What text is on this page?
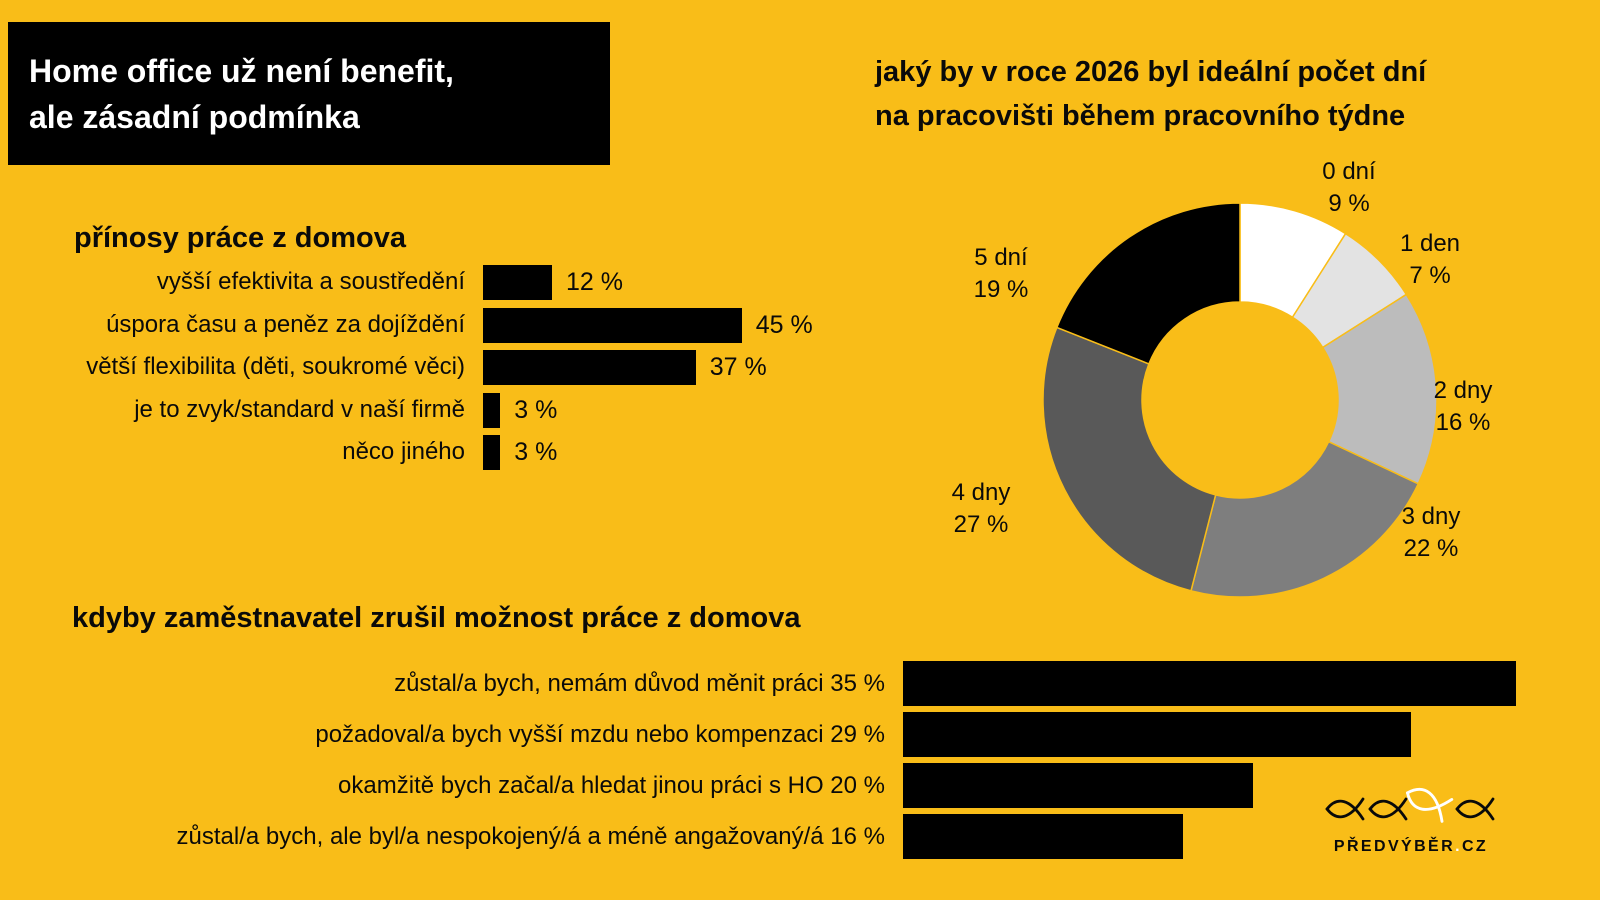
Home office už není benefit,
ale zásadní podmínka
přínosy práce z domova
vyšší efektivita a soustředění	12 %
úspora času a peněz za dojíždění	45 %
větší flexibilita (děti, soukromé věci)	37 %
je to zvyk/standard v naší firmě 3 %
něco jiného 3 %
jaký by v roce 2026 byl ideální počet dní
na pracovišti během pracovního týdne
0 dní
9 %
1 den
7 %
2 dny
16 %
3 dny
22 %
4 dny
27 %
5 dní
19 %
kdyby zaměstnavatel zrušil možnost práce z domova
zůstal/a bych, nemám důvod měnit práci 35 %
požadoval/a bych vyšší mzdu nebo kompenzaci 29 %
okamžitě bych začal/a hledat jinou práci s HO 20 %
zůstal/a bych, ale byl/a nespokojený/á a méně angažovaný/á 16 %	PŘEDVÝBĚR.CZ
